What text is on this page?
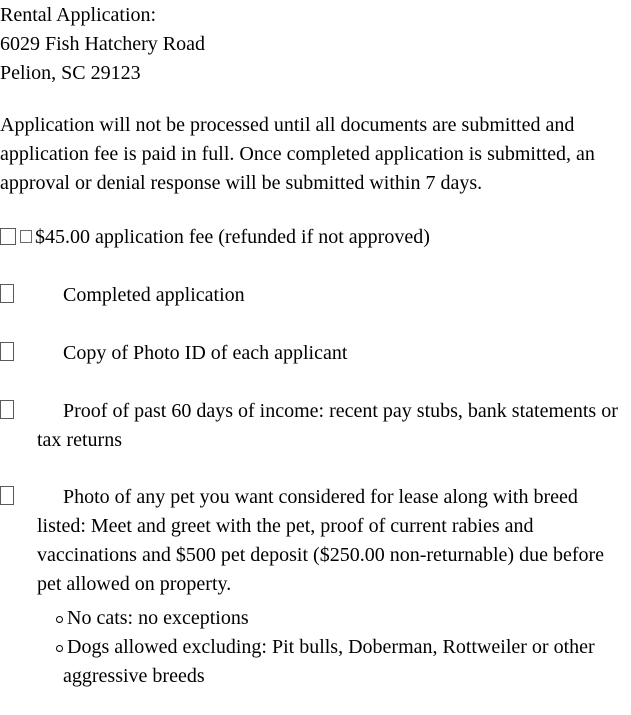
Rental Application:
6029 Fish Hatchery Road
Pelion, SC 29123

Application will not be processed until all documents are submitted and application fee is paid in full. Once completed application is submitted, an approval or denial response will be submitted within 7 days.

$45.00 application fee (refunded if not approved)
Completed application
Copy of Photo ID of each applicant
Proof of past 60 days of income: recent pay stubs, bank statements or tax returns
Photo of any pet you want considered for lease along with breed listed: Meet and greet with the pet, proof of current rabies and vaccinations and $500 pet deposit ($250.00 non-returnable) due before pet allowed on property.
No cats: no exceptions
Dogs allowed excluding: Pit bulls, Doberman, Rottweiler or other aggressive breeds
